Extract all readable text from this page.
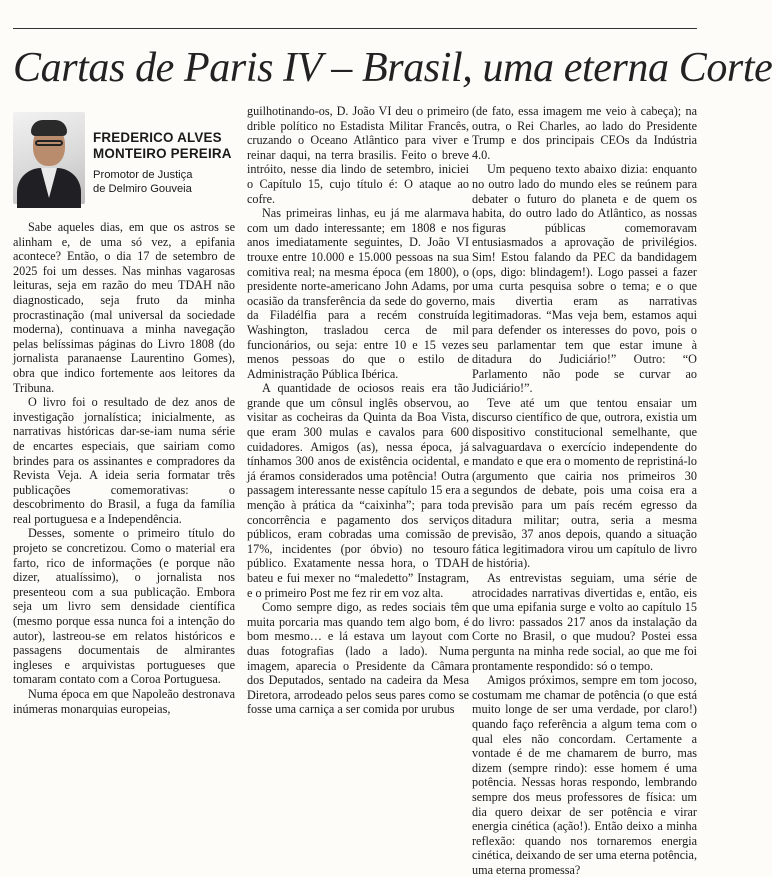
Cartas de Paris IV – Brasil, uma eterna Corte
FREDERICO ALVES
MONTEIRO PEREIRA
Promotor de Justiça
de Delmiro Gouveia

Sabe aqueles dias, em que os astros se alinham e, de uma só vez, a epifania acontece? Então, o dia 17 de setembro de 2025 foi um desses. Nas minhas vagarosas leituras, seja em razão do meu TDAH não diagnosticado, seja fruto da minha procrastinação (mal universal da sociedade moderna), continuava a minha navegação pelas belíssimas páginas do Livro 1808 (do jornalista paranaense Laurentino Gomes), obra que indico fortemente aos leitores da Tribuna.

O livro foi o resultado de dez anos de investigação jornalística; inicialmente, as narrativas históricas dar-se-iam numa série de encartes especiais, que sairiam como brindes para os assinantes e compradores da Revista Veja. A ideia seria formatar três publicações comemorativas: o descobrimento do Brasil, a fuga da família real portuguesa e a Independência.

Desses, somente o primeiro título do projeto se concretizou. Como o material era farto, rico de informações (e porque não dizer, atualíssimo), o jornalista nos presenteou com a sua publicação. Embora seja um livro sem densidade científica (mesmo porque essa nunca foi a intenção do autor), lastreou-se em relatos históricos e passagens documentais de almirantes ingleses e arquivistas portugueses que tomaram contato com a Coroa Portuguesa.

Numa época em que Napoleão destronava inúmeras monarquias europeias,

guilhotinando-os, D. João VI deu o primeiro drible político no Estadista Militar Francês, cruzando o Oceano Atlântico para viver e reinar daqui, na terra brasilis. Feito o breve intróito, nesse dia lindo de setembro, iniciei o Capítulo 15, cujo título é: O ataque ao cofre.

Nas primeiras linhas, eu já me alarmava com um dado interessante; em 1808 e nos anos imediatamente seguintes, D. João VI trouxe entre 10.000 e 15.000 pessoas na sua comitiva real; na mesma época (em 1800), o presidente norte-americano John Adams, por ocasião da transferência da sede do governo, da Filadélfia para a recém construída Washington, trasladou cerca de mil funcionários, ou seja: entre 10 e 15 vezes menos pessoas do que o estilo de Administração Pública Ibérica.

A quantidade de ociosos reais era tão grande que um cônsul inglês observou, ao visitar as cocheiras da Quinta da Boa Vista, que eram 300 mulas e cavalos para 600 cuidadores. Amigos (as), nessa época, já tínhamos 300 anos de existência ocidental, e já éramos considerados uma potência! Outra passagem interessante nesse capítulo 15 era a menção à prática da “caixinha”; para toda concorrência e pagamento dos serviços públicos, eram cobradas uma comissão de 17%, incidentes (por óbvio) no tesouro público. Exatamente nessa hora, o TDAH bateu e fui mexer no “maledetto” Instagram, e o primeiro Post me fez rir em voz alta.

Como sempre digo, as redes sociais têm muita porcaria mas quando tem algo bom, é bom mesmo… e lá estava um layout com duas fotografias (lado a lado). Numa imagem, aparecia o Presidente da Câmara dos Deputados, sentado na cadeira da Mesa Diretora, arrodeado pelos seus pares como se fosse uma carniça a ser comida por urubus

(de fato, essa imagem me veio à cabeça); na outra, o Rei Charles, ao lado do Presidente Trump e dos principais CEOs da Indústria 4.0.

Um pequeno texto abaixo dizia: enquanto no outro lado do mundo eles se reúnem para debater o futuro do planeta e de quem os habita, do outro lado do Atlântico, as nossas figuras públicas comemoravam entusiasmados a aprovação de privilégios. Sim! Estou falando da PEC da bandidagem (ops, digo: blindagem!). Logo passei a fazer uma curta pesquisa sobre o tema; e o que mais divertia eram as narrativas legitimadoras. “Mas veja bem, estamos aqui para defender os interesses do povo, pois o seu parlamentar tem que estar imune à ditadura do Judiciário!” Outro: “O Parlamento não pode se curvar ao Judiciário!”.

Teve até um que tentou ensaiar um discurso científico de que, outrora, existia um dispositivo constitucional semelhante, que salvaguardava o exercício independente do mandato e que era o momento de repristiná-lo (argumento que cairia nos primeiros 30 segundos de debate, pois uma coisa era a previsão para um país recém egresso da ditadura militar; outra, seria a mesma previsão, 37 anos depois, quando a situação fática legitimadora virou um capítulo de livro de história).

As entrevistas seguiam, uma série de atrocidades narrativas divertidas e, então, eis que uma epifania surge e volto ao capítulo 15 do livro: passados 217 anos da instalação da Corte no Brasil, o que mudou? Postei essa pergunta na minha rede social, ao que me foi prontamente respondido: só o tempo.

Amigos próximos, sempre em tom jocoso, costumam me chamar de potência (o que está muito longe de ser uma verdade, por claro!) quando faço referência a algum tema com o qual eles não concordam. Certamente a vontade é de me chamarem de burro, mas dizem (sempre rindo): esse homem é uma potência. Nessas horas respondo, lembrando sempre dos meus professores de física: um dia quero deixar de ser potência e virar energia cinética (ação!). Então deixo a minha reflexão: quando nos tornaremos energia cinética, deixando de ser uma eterna potência, uma eterna promessa?
